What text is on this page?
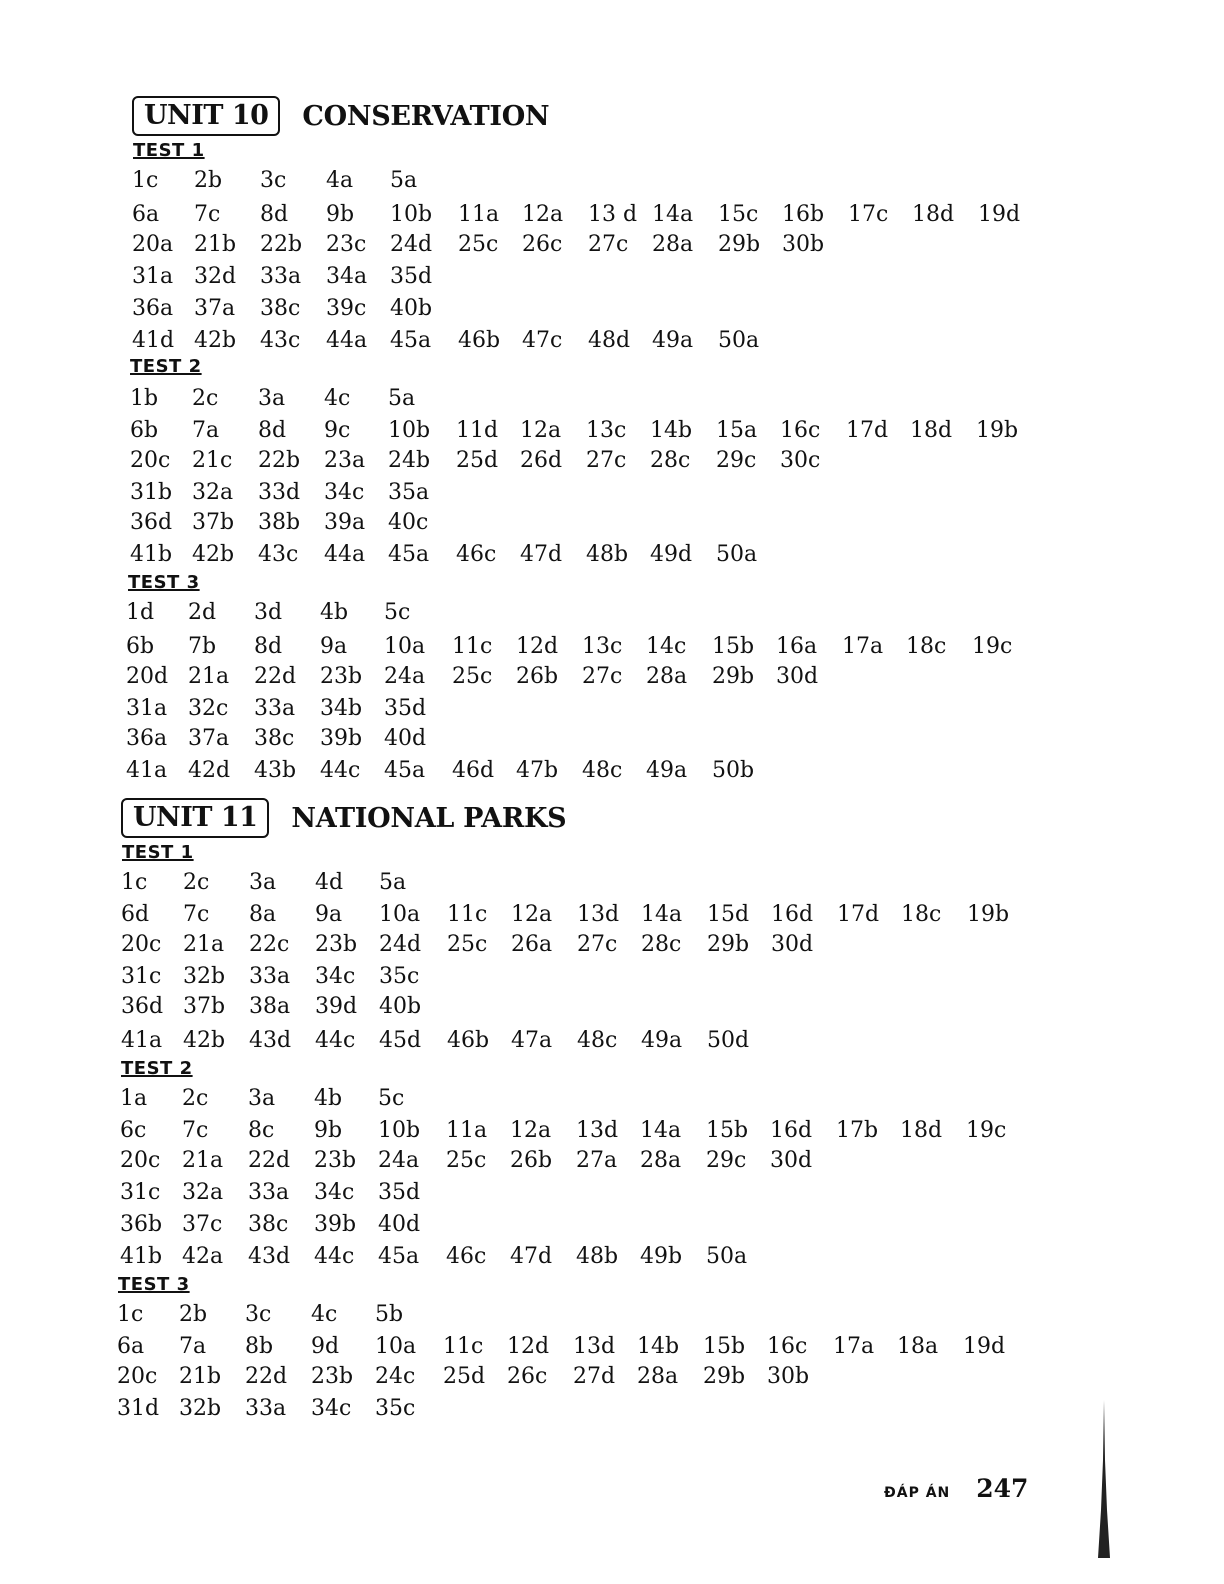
UNIT 10	CONSERVATION
TEST 1
1c 2b 3c 4a 5a
6a 7c 8d 9b 10b 11a 12a 13 d 14a 15c 16b 17c 18d 19d
20a 21b 22b 23c 24d 25c 26c 27c 28a 29b 30b
31a 32d 33a 34a 35d
36a 37a 38c 39c 40b
41d 42b 43c 44a 45a 46b 47c 48d 49a 50a
TEST 2
1b 2c 3a 4c 5a
6b 7a 8d 9c 10b 11d 12a 13c 14b 15a 16c 17d 18d 19b
20c 21c 22b 23a 24b 25d 26d 27c 28c 29c 30c
31b 32a 33d 34c 35a
36d 37b 38b 39a 40c
41b 42b 43c 44a 45a 46c 47d 48b 49d 50a
TEST 3
1d 2d 3d 4b 5c
6b 7b 8d 9a 10a 11c 12d 13c 14c 15b 16a 17a 18c 19c
20d 21a 22d 23b 24a 25c 26b 27c 28a 29b 30d
31a 32c 33a 34b 35d
36a 37a 38c 39b 40d
41a 42d 43b 44c 45a 46d 47b 48c 49a 50b
UNIT 11	NATIONAL PARKS
TEST 1
1c 2c 3a 4d 5a
6d 7c 8a 9a 10a 11c 12a 13d 14a 15d 16d 17d 18c 19b
20c 21a 22c 23b 24d 25c 26a 27c 28c 29b 30d
31c 32b 33a 34c 35c
36d 37b 38a 39d 40b
41a 42b 43d 44c 45d 46b 47a 48c 49a 50d
TEST 2
1a 2c 3a 4b 5c
6c 7c 8c 9b 10b 11a 12a 13d 14a 15b 16d 17b 18d 19c
20c 21a 22d 23b 24a 25c 26b 27a 28a 29c 30d
31c 32a 33a 34c 35d
36b 37c 38c 39b 40d
41b 42a 43d 44c 45a 46c 47d 48b 49b 50a
TEST 3
1c 2b 3c 4c 5b
6a 7a 8b 9d 10a 11c 12d 13d 14b 15b 16c 17a 18a 19d
20c 21b 22d 23b 24c 25d 26c 27d 28a 29b 30b
31d 32b 33a 34c 35c
ĐÁP ÁN 247
